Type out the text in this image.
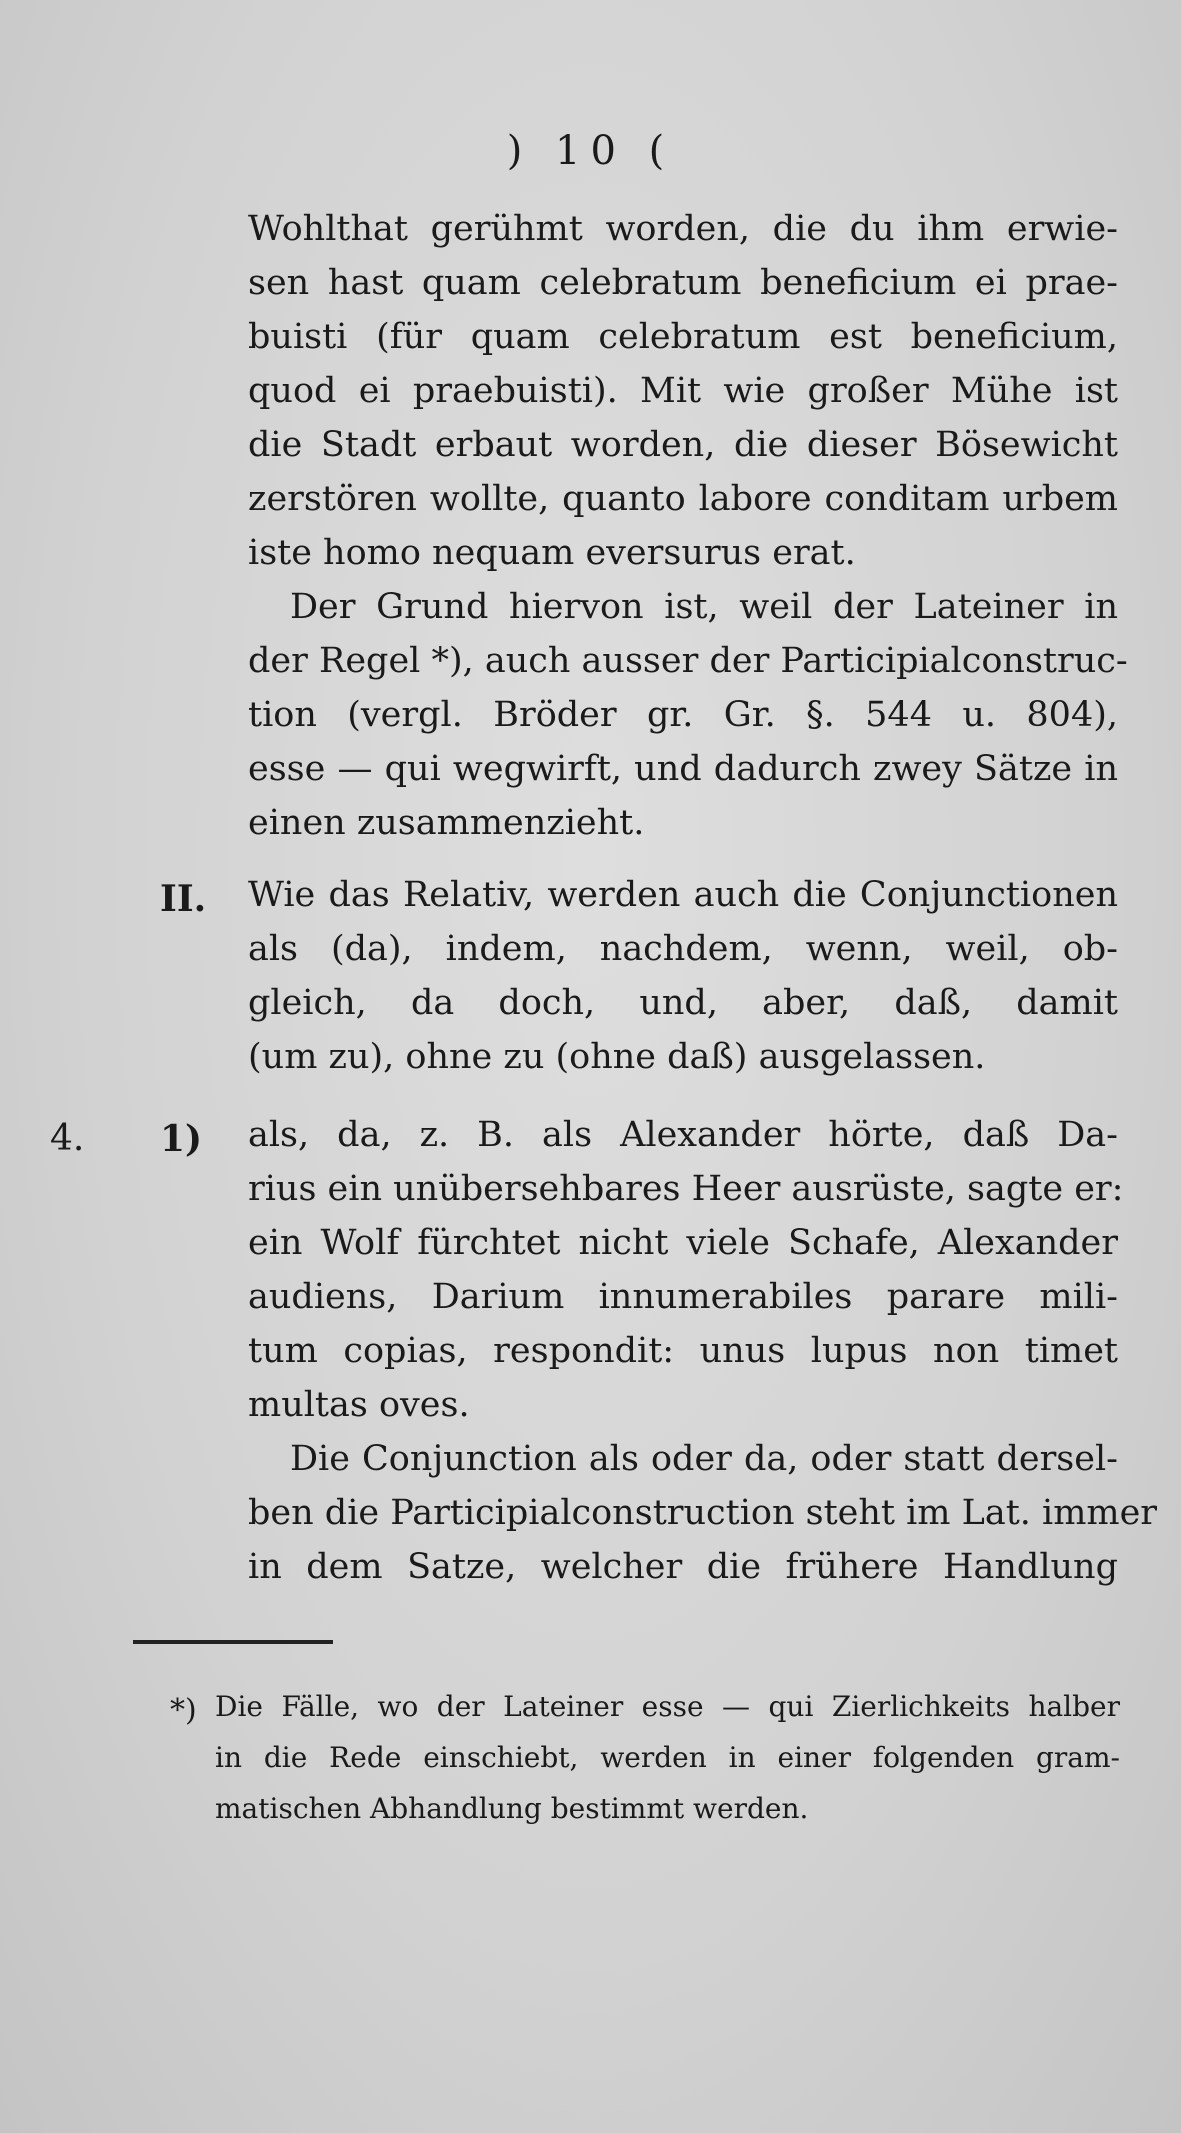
) 10 (
Wohlthat gerühmt worden, die du ihm erwie-
sen hast quam celebratum beneficium ei prae-
buisti (für quam celebratum est beneficium,
quod ei praebuisti). Mit wie großer Mühe ist
die Stadt erbaut worden, die dieser Bösewicht
zerstören wollte, quanto labore conditam urbem
iste homo nequam eversurus erat.
Der Grund hiervon ist, weil der Lateiner in
der Regel *), auch ausser der Participialconstruc-
tion (vergl. Bröder gr. Gr. §. 544 u. 804),
esse — qui wegwirft, und dadurch zwey Sätze in
einen zusammenzieht.
II. Wie das Relativ, werden auch die Conjunctionen
als (da), indem, nachdem, wenn, weil, ob-
gleich, da doch, und, aber, daß, damit
(um zu), ohne zu (ohne daß) ausgelassen.
4. 1) als, da, z. B. als Alexander hörte, daß Da-
rius ein unübersehbares Heer ausrüste, sagte er:
ein Wolf fürchtet nicht viele Schafe, Alexander
audiens, Darium innumerabiles parare mili-
tum copias, respondit: unus lupus non timet
multas oves.
Die Conjunction als oder da, oder statt dersel-
ben die Participialconstruction steht im Lat. immer
in dem Satze, welcher die frühere Handlung
*) Die Fälle, wo der Lateiner esse — qui Zierlichkeits halber
in die Rede einschiebt, werden in einer folgenden gram-
matischen Abhandlung bestimmt werden.
